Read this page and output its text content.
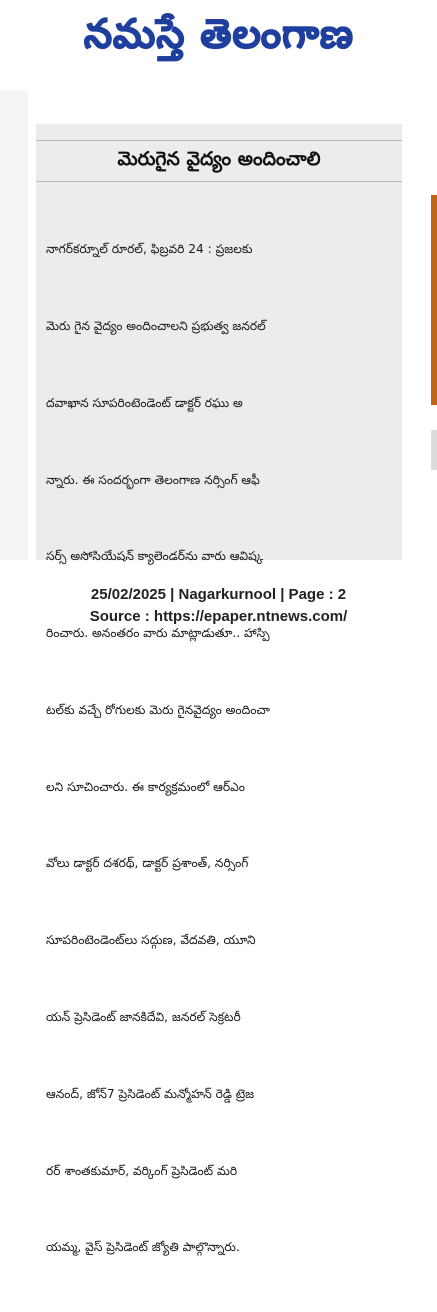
నమస్తే తెలంగాణ
మెరుగైన వైద్యం అందించాలి

నాగర్‌కర్నూల్ రూరల్, ఫిబ్రవరి 24 : ప్రజలకు

మెరు గైన వైద్యం అందించాలని ప్రభుత్వ జనరల్

దవాఖాన సూపరింటెండెంట్ డాక్టర్ రఘు అ

న్నారు. ఈ సందర్భంగా తెలంగాణ నర్సింగ్ ఆఫీ

సర్స్ అసోసియేషన్ క్యాలెండర్‌ను వారు ఆవిష్క

రించారు. అనంతరం వారు మాట్లాడుతూ.. హాస్పి

టల్‌కు వచ్చే రోగులకు మెరు గైనవైద్యం అందించా

లని సూచించారు. ఈ కార్యక్రమంలో ఆర్‌ఎం

వోలు డాక్టర్ దశరథ్, డాక్టర్ ప్రశాంత్, నర్సింగ్

సూపరింటెండెంట్‌లు సద్గుణ, వేదవతి, యూని

యన్ ప్రెసిడెంట్ జానకిదేవి, జనరల్ సెక్రటరీ

ఆనంద్, జోన్7 ప్రెసిడెంట్ మన్మోహన్ రెడ్డి ట్రెజ

రర్ శాంతకుమార్, వర్కింగ్ ప్రెసిడెంట్ మరి

యమ్మ, వైస్ ప్రెసిడెంట్ జ్యోతి పాల్గొన్నారు.

25/02/2025 | Nagarkurnool | Page : 2
Source : https://epaper.ntnews.com/
